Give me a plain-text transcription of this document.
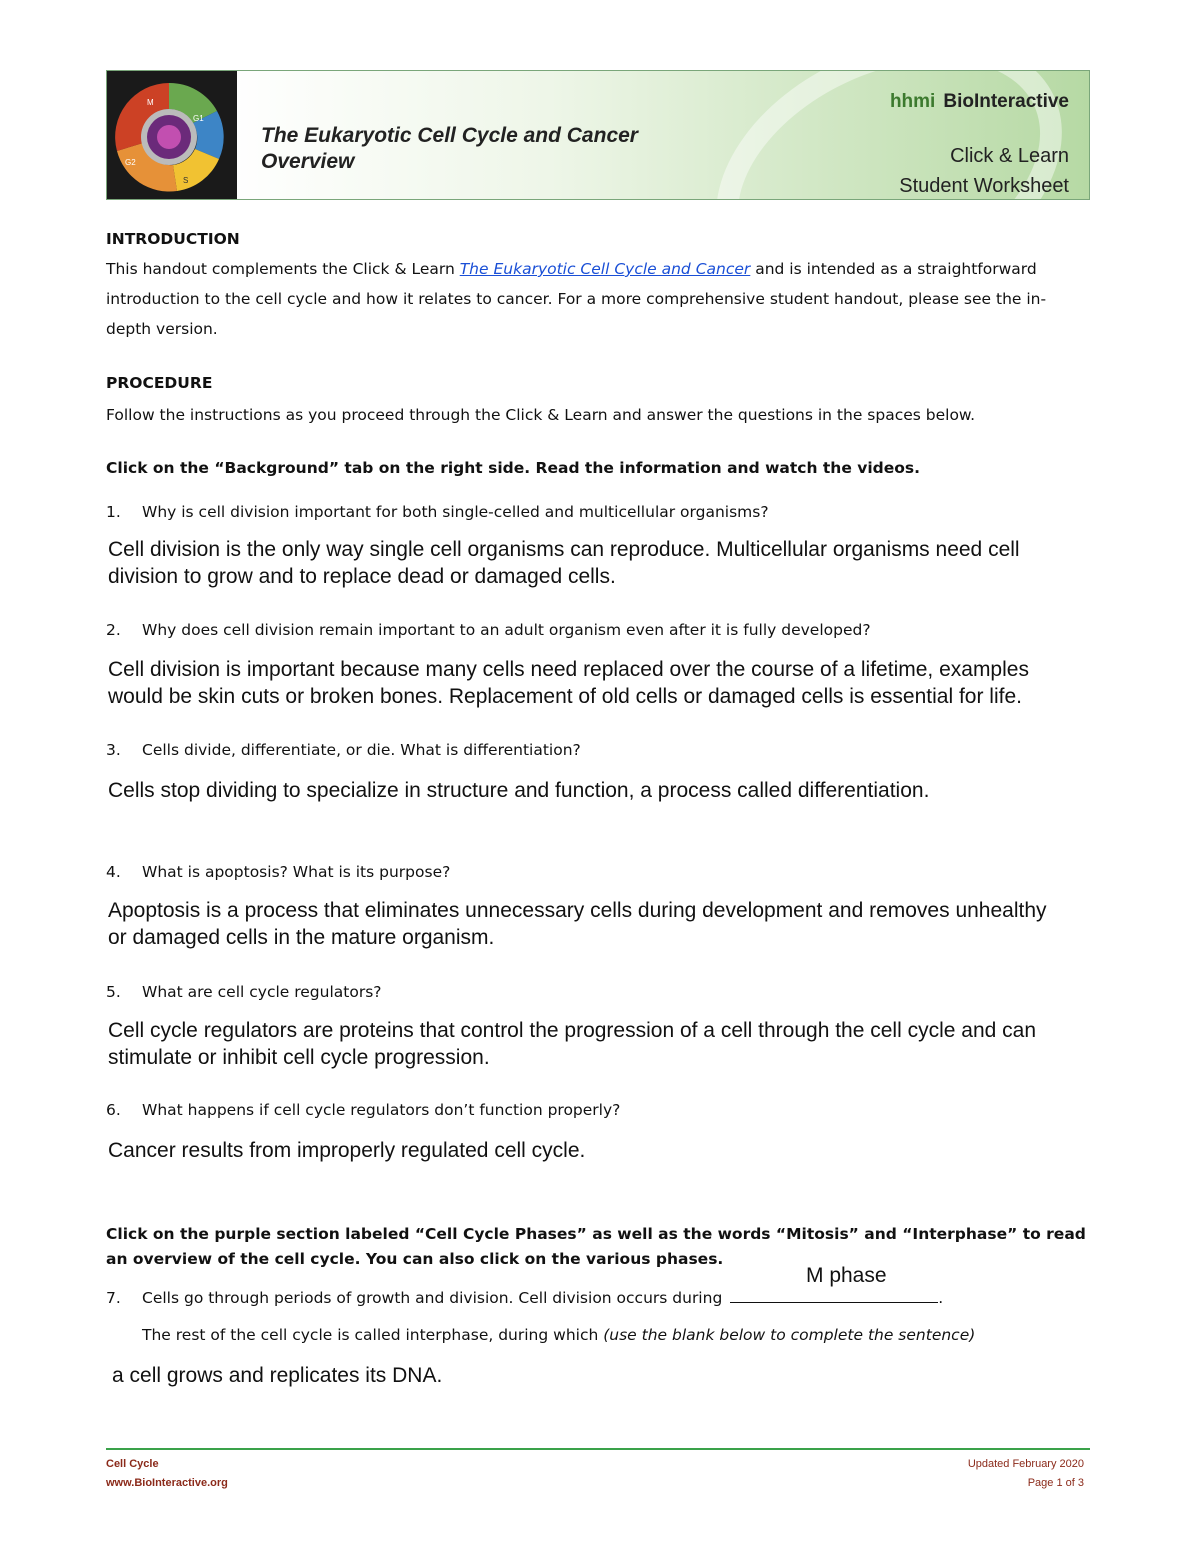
M
G1
S
G2
The Eukaryotic Cell Cycle and Cancer
Overview
hhmi BioInteractive
Click & Learn
Student Worksheet
INTRODUCTION
This handout complements the Click & Learn The Eukaryotic Cell Cycle and Cancer and is intended as a straightforward introduction to the cell cycle and how it relates to cancer. For a more comprehensive student handout, please see the in-depth version.
PROCEDURE
Follow the instructions as you proceed through the Click & Learn and answer the questions in the spaces below.
Click on the “Background” tab on the right side. Read the information and watch the videos.
1. Why is cell division important for both single-celled and multicellular organisms?
Cell division is the only way single cell organisms can reproduce. Multicellular organisms need cell division to grow and to replace dead or damaged cells.
2. Why does cell division remain important to an adult organism even after it is fully developed?
Cell division is important because many cells need replaced over the course of a lifetime, examples would be skin cuts or broken bones. Replacement of old cells or damaged cells is essential for life.
3. Cells divide, differentiate, or die. What is differentiation?
Cells stop dividing to specialize in structure and function, a process called differentiation.
4. What is apoptosis? What is its purpose?
Apoptosis is a process that eliminates unnecessary cells during development and removes unhealthy or damaged cells in the mature organism.
5. What are cell cycle regulators?
Cell cycle regulators are proteins that control the progression of a cell through the cell cycle and can stimulate or inhibit cell cycle progression.
6. What happens if cell cycle regulators don’t function properly?
Cancer results from improperly regulated cell cycle.
Click on the purple section labeled “Cell Cycle Phases” as well as the words “Mitosis” and “Interphase” to read an overview of the cell cycle. You can also click on the various phases.
M phase
7. Cells go through periods of growth and division. Cell division occurs during	.
The rest of the cell cycle is called interphase, during which (use the blank below to complete the sentence)
a cell grows and replicates its DNA.
Cell Cycle
www.BioInteractive.org
Updated February 2020
Page 1 of 3
